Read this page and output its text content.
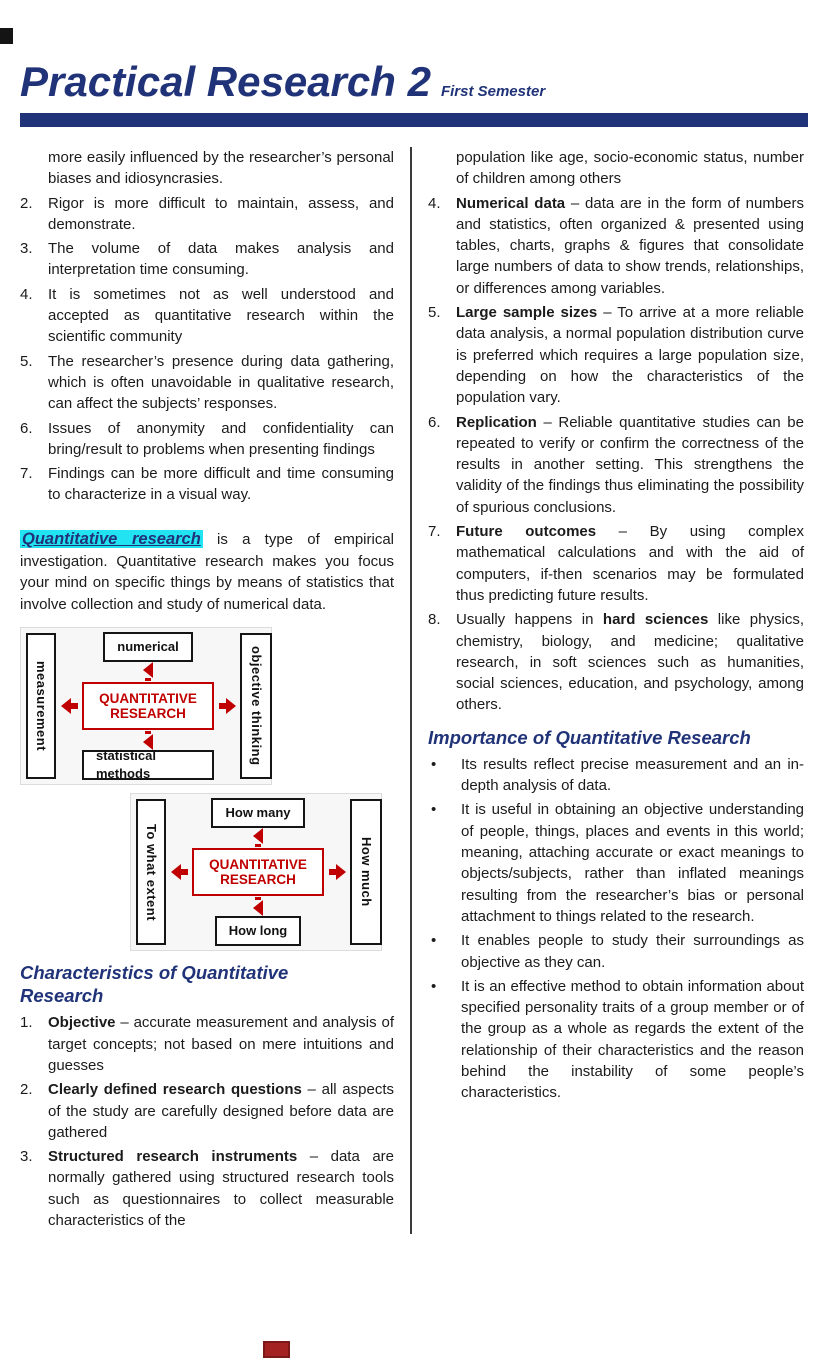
Practical Research 2 First Semester

more easily influenced by the researcher’s personal biases and idiosyncrasies.

2.	Rigor is more difficult to maintain, assess, and demonstrate.
3.	The volume of data makes analysis and interpretation time consuming.
4.	It is sometimes not as well understood and accepted as quantitative research within the scientific community
5.	The researcher’s presence during data gathering, which is often unavoidable in qualitative research, can affect the subjects’ responses.
6.	Issues of anonymity and confidentiality can bring/result to problems when presenting findings
7.	Findings can be more difficult and time consuming to characterize in a visual way.

Quantitative research is a type of empirical investigation. Quantitative research makes you focus your mind on specific things by means of statistics that involve collection and study of numerical data.

measurement
numerical
QUANTITATIVE RESEARCH
statistical methods
objective thinking
To what extent
How many
QUANTITATIVE RESEARCH
How long
How much
Characteristics of Quantitative Research
1.	Objective – accurate measurement and analysis of target concepts; not based on mere intuitions and guesses
2.	Clearly defined research questions – all aspects of the study are carefully designed before data are gathered
3.	Structured research instruments – data are normally gathered using structured research tools such as questionnaires to collect measurable characteristics of the

population like age, socio-economic status, number of children among others

4.	Numerical data – data are in the form of numbers and statistics, often organized & presented using tables, charts, graphs & figures that consolidate large numbers of data to show trends, relationships, or differences among variables.
5.	Large sample sizes – To arrive at a more reliable data analysis, a normal population distribution curve is preferred which requires a large population size, depending on how the characteristics of the population vary.
6.	Replication – Reliable quantitative studies can be repeated to verify or confirm the correctness of the results in another setting. This strengthens the validity of the findings thus eliminating the possibility of spurious conclusions.
7.	Future outcomes – By using complex mathematical calculations and with the aid of computers, if-then scenarios may be formulated thus predicting future results.
8.	Usually happens in hard sciences like physics, chemistry, biology, and medicine; qualitative research, in soft sciences such as humanities, social sciences, education, and psychology, among others.
Importance of Quantitative Research
•	Its results reflect precise measurement and an in-depth analysis of data.
•	It is useful in obtaining an objective understanding of people, things, places and events in this world; meaning, attaching accurate or exact meanings to objects/subjects, rather than inflated meanings resulting from the researcher’s bias or personal attachment to things related to the research.
•	It enables people to study their surroundings as objective as they can.
•	It is an effective method to obtain information about specified personality traits of a group member or of the group as a whole as regards the extent of the relationship of their characteristics and the reason behind the instability of some people’s characteristics.
